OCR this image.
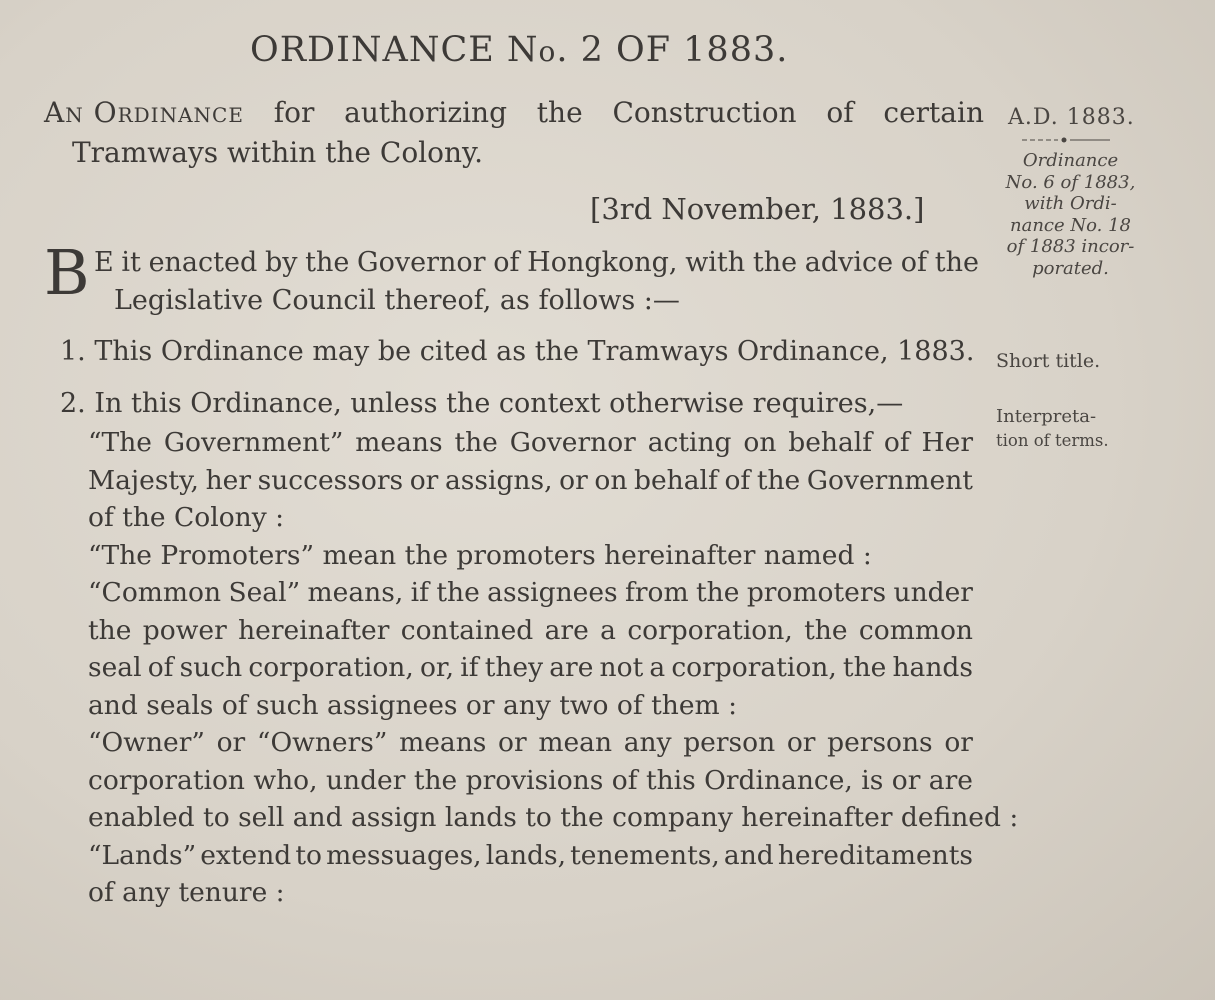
ORDINANCE No. 2 OF 1883.
An Ordinance for authorizing the Construction of certain
Tramways within the Colony.
[3rd November, 1883.]
B E it enacted by the Governor of Hongkong, with the advice of the
Legislative Council thereof, as follows :—
1. This Ordinance may be cited as the Tramways Ordinance, 1883.
2. In this Ordinance, unless the context otherwise requires,—
“The Government” means the Governor acting on behalf of Her
Majesty, her successors or assigns, or on behalf of the Government
of the Colony :
“The Promoters” mean the promoters hereinafter named :
“Common Seal” means, if the assignees from the promoters under
the power hereinafter contained are a corporation, the common
seal of such corporation, or, if they are not a corporation, the hands
and seals of such assignees or any two of them :
“Owner” or “Owners” means or mean any person or persons or
corporation who, under the provisions of this Ordinance, is or are
enabled to sell and assign lands to the company hereinafter defined :
“Lands” extend to messuages, lands, tenements, and hereditaments
of any tenure :
A.D. 1883.
Ordinance
No. 6 of 1883,
with Ordi-
nance No. 18
of 1883 incor-
porated.
Short title.
Interpreta-
tion of terms.
